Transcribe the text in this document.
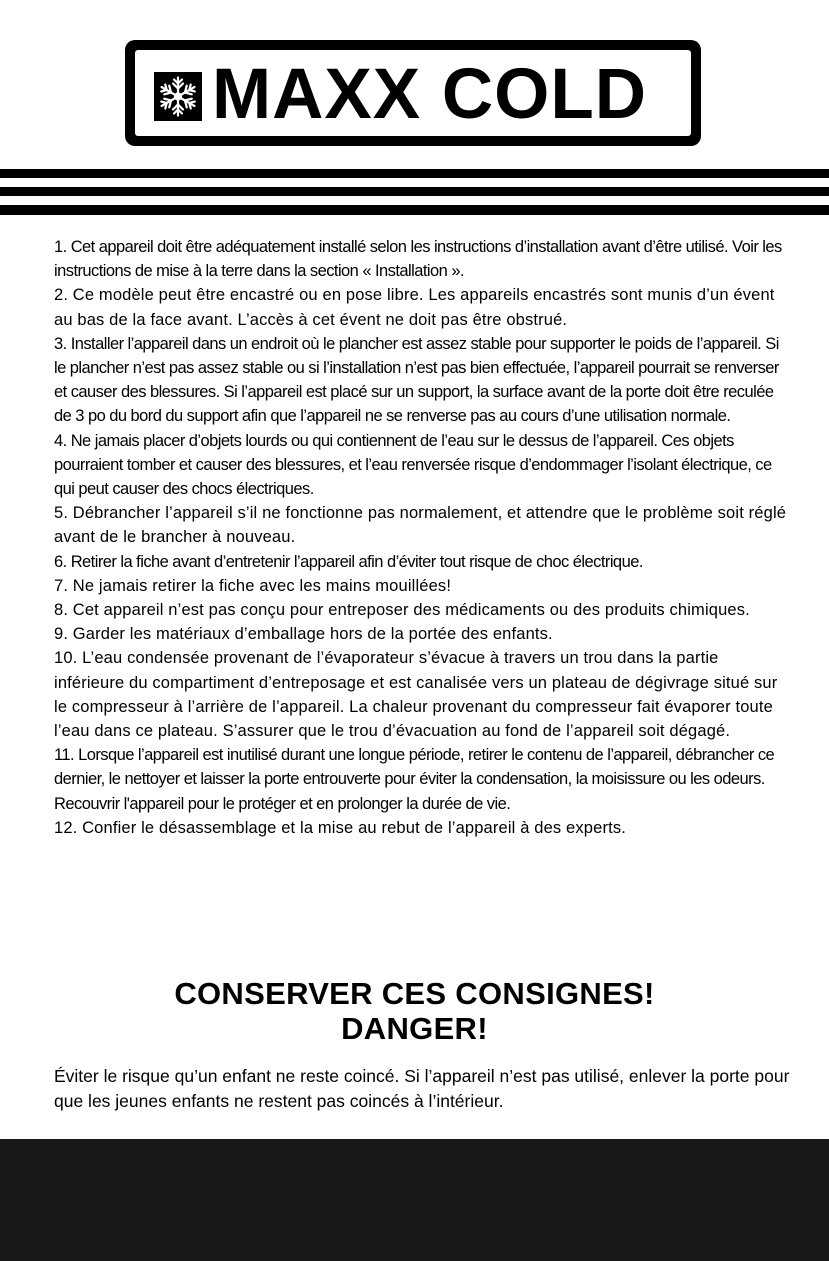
MAXX COLD

1. Cet appareil doit être adéquatement installé selon les instructions d’installation avant d’être utilisé. Voir les instructions de mise à la terre dans la section « Installation ».

2. Ce modèle peut être encastré ou en pose libre. Les appareils encastrés sont munis d’un évent au bas de la face avant. L’accès à cet évent ne doit pas être obstrué.

3. Installer l’appareil dans un endroit où le plancher est assez stable pour supporter le poids de l’appareil. Si le plancher n’est pas assez stable ou si l’installation n’est pas bien effectuée, l’appareil pourrait se renverser et causer des blessures. Si l’appareil est placé sur un support, la surface avant de la porte doit être reculée de 3 po du bord du support afin que l’appareil ne se renverse pas au cours d’une utilisation normale.

4. Ne jamais placer d’objets lourds ou qui contiennent de l’eau sur le dessus de l’appareil. Ces objets pourraient tomber et causer des blessures, et l’eau renversée risque d’endommager l’isolant électrique, ce qui peut causer des chocs électriques.

5. Débrancher l’appareil s’il ne fonctionne pas normalement, et attendre que le problème soit réglé avant de le brancher à nouveau.

6. Retirer la fiche avant d’entretenir l’appareil afin d’éviter tout risque de choc électrique.

7. Ne jamais retirer la fiche avec les mains mouillées!

8. Cet appareil n’est pas conçu pour entreposer des médicaments ou des produits chimiques.

9. Garder les matériaux d’emballage hors de la portée des enfants.

10. L’eau condensée provenant de l’évaporateur s’évacue à travers un trou dans la partie inférieure du compartiment d’entreposage et est canalisée vers un plateau de dégivrage situé sur le compresseur à l’arrière de l’appareil. La chaleur provenant du compresseur fait évaporer toute l’eau dans ce plateau. S’assurer que le trou d’évacuation au fond de l’appareil soit dégagé.

11. Lorsque l’appareil est inutilisé durant une longue période, retirer le contenu de l’appareil, débrancher ce dernier, le nettoyer et laisser la porte entrouverte pour éviter la condensation, la moisissure ou les odeurs. Recouvrir l'appareil pour le protéger et en prolonger la durée de vie.

12. Confier le désassemblage et la mise au rebut de l’appareil à des experts.

CONSERVER CES CONSIGNES!
DANGER!

Éviter le risque qu’un enfant ne reste coincé. Si l’appareil n’est pas utilisé, enlever la porte pour que les jeunes enfants ne restent pas coincés à l’intérieur.
